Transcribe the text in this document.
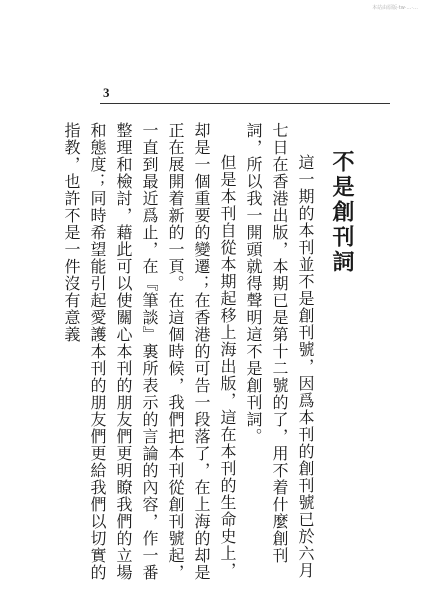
本站由原版·tw·…·…
3
不是創刊詞

這一期的本刊並不是創刊號，因爲本刊的創刊號已於六月七日在香港出版，本期已是第十二號的了，用不着什麼創刊詞，所以我一開頭就得聲明這不是創刊詞。

但是本刊自從本期起移上海出版，這在本刊的生命史上，却是一個重要的變遷；在香港的可告一段落了，在上海的却是正在展開着新的一頁。在這個時候，我們把本刊從創刊號起，一直到最近爲止，在『筆談』裏所表示的言論的內容，作一番整理和檢討，藉此可以使關心本刊的朋友們更明瞭我們的立場和態度；同時希望能引起愛護本刊的朋友們更給我們以切實的指教，也許不是一件沒有意義
